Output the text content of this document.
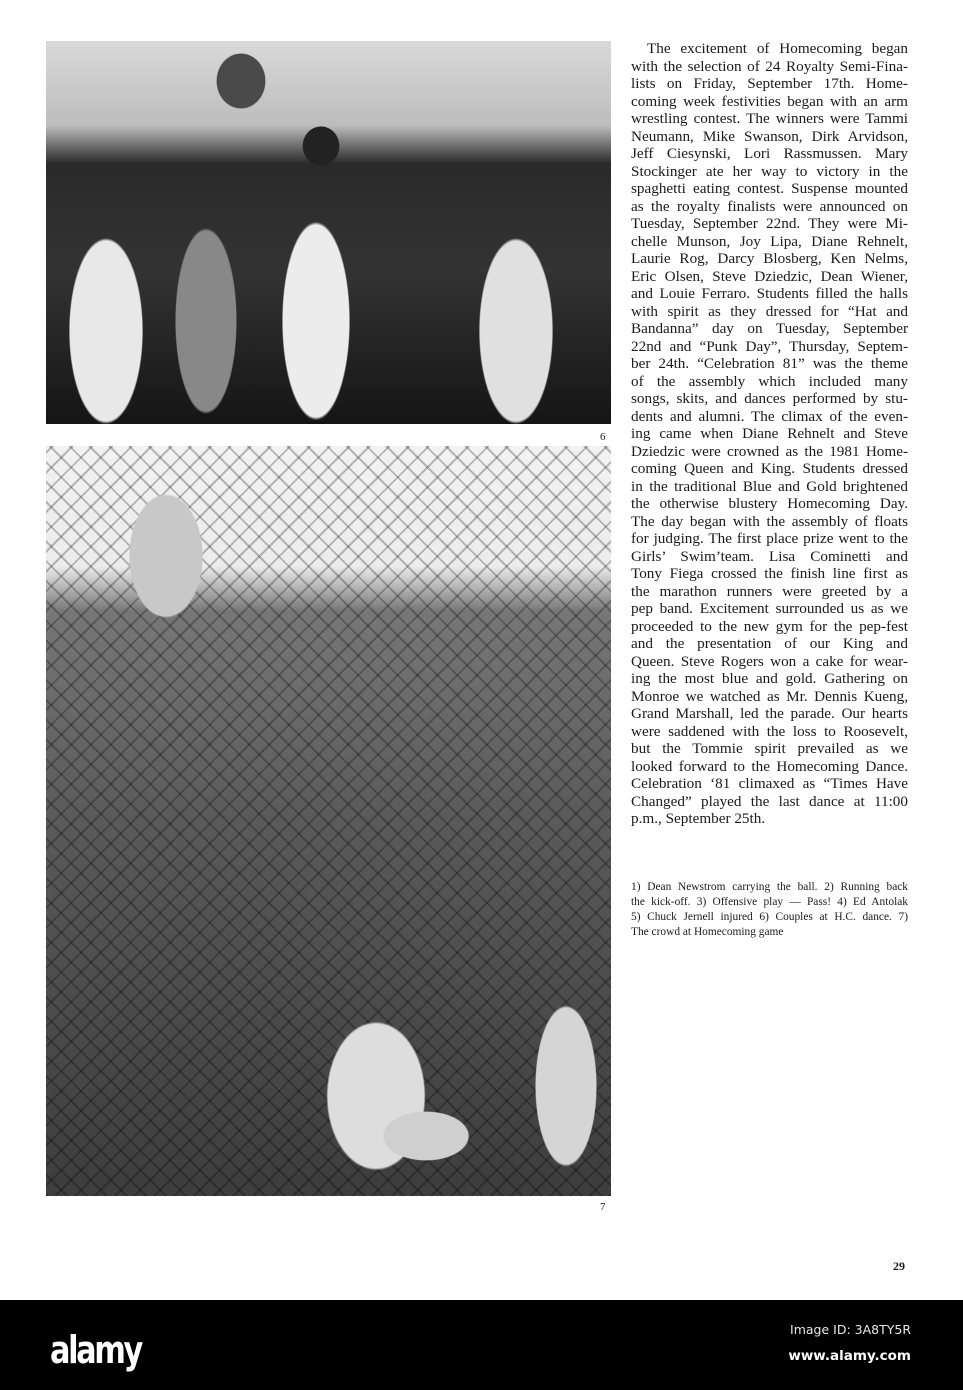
6
7
The excitement of Homecoming began
with the selection of 24 Royalty Semi-Fina-
lists on Friday, September 17th. Home-
coming week festivities began with an arm
wrestling contest. The winners were Tammi
Neumann, Mike Swanson, Dirk Arvidson,
Jeff Ciesynski, Lori Rassmussen. Mary
Stockinger ate her way to victory in the
spaghetti eating contest. Suspense mounted
as the royalty finalists were announced on
Tuesday, September 22nd. They were Mi-
chelle Munson, Joy Lipa, Diane Rehnelt,
Laurie Rog, Darcy Blosberg, Ken Nelms,
Eric Olsen, Steve Dziedzic, Dean Wiener,
and Louie Ferraro. Students filled the halls
with spirit as they dressed for “Hat and
Bandanna” day on Tuesday, September
22nd and “Punk Day”, Thursday, Septem-
ber 24th. “Celebration 81” was the theme
of the assembly which included many
songs, skits, and dances performed by stu-
dents and alumni. The climax of the even-
ing came when Diane Rehnelt and Steve
Dziedzic were crowned as the 1981 Home-
coming Queen and King. Students dressed
in the traditional Blue and Gold brightened
the otherwise blustery Homecoming Day.
The day began with the assembly of floats
for judging. The first place prize went to the
Girls’ Swim’team. Lisa Cominetti and
Tony Fiega crossed the finish line first as
the marathon runners were greeted by a
pep band. Excitement surrounded us as we
proceeded to the new gym for the pep-fest
and the presentation of our King and
Queen. Steve Rogers won a cake for wear-
ing the most blue and gold. Gathering on
Monroe we watched as Mr. Dennis Kueng,
Grand Marshall, led the parade. Our hearts
were saddened with the loss to Roosevelt,
but the Tommie spirit prevailed as we
looked forward to the Homecoming Dance.
Celebration ‘81 climaxed as “Times Have
Changed” played the last dance at 11:00
p.m., September 25th.
1) Dean Newstrom carrying the ball. 2) Running back
the kick-off. 3) Offensive play — Pass! 4) Ed Antolak
5) Chuck Jernell injured 6) Couples at H.C. dance. 7)
The crowd at Homecoming game
29
alamy	Image ID: 3A8TY5R
www.alamy.com
